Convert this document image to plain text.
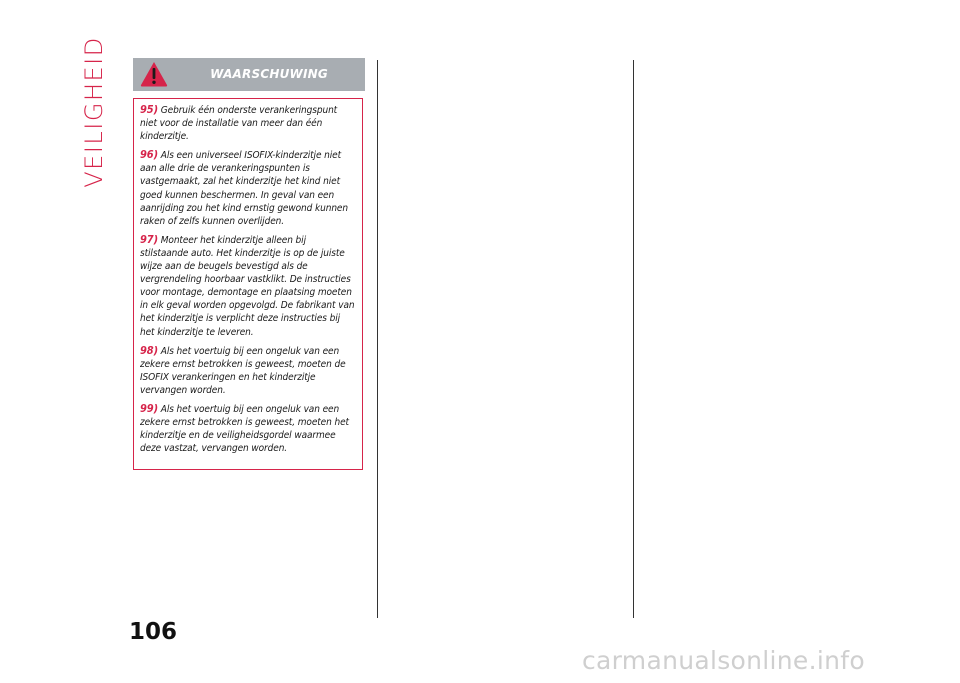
VEILIGHEID	WAARSCHUWING
95) Gebruik één onderste verankeringspunt niet voor de installatie van meer dan één kinderzitje.
96) Als een universeel ISOFIX-kinderzitje niet aan alle drie de verankeringspunten is vastgemaakt, zal het kinderzitje het kind niet goed kunnen beschermen. In geval van een aanrijding zou het kind ernstig gewond kunnen raken of zelfs kunnen overlijden.
97) Monteer het kinderzitje alleen bij stilstaande auto. Het kinderzitje is op de juiste wijze aan de beugels bevestigd als de vergrendeling hoorbaar vastklikt. De instructies voor montage, demontage en plaatsing moeten in elk geval worden opgevolgd. De fabrikant van het kinderzitje is verplicht deze instructies bij het kinderzitje te leveren.
98) Als het voertuig bij een ongeluk van een zekere ernst betrokken is geweest, moeten de ISOFIX verankeringen en het kinderzitje vervangen worden.
99) Als het voertuig bij een ongeluk van een zekere ernst betrokken is geweest, moeten het kinderzitje en de veiligheidsgordel waarmee deze vastzat, vervangen worden.
106
carmanualsonline.info
